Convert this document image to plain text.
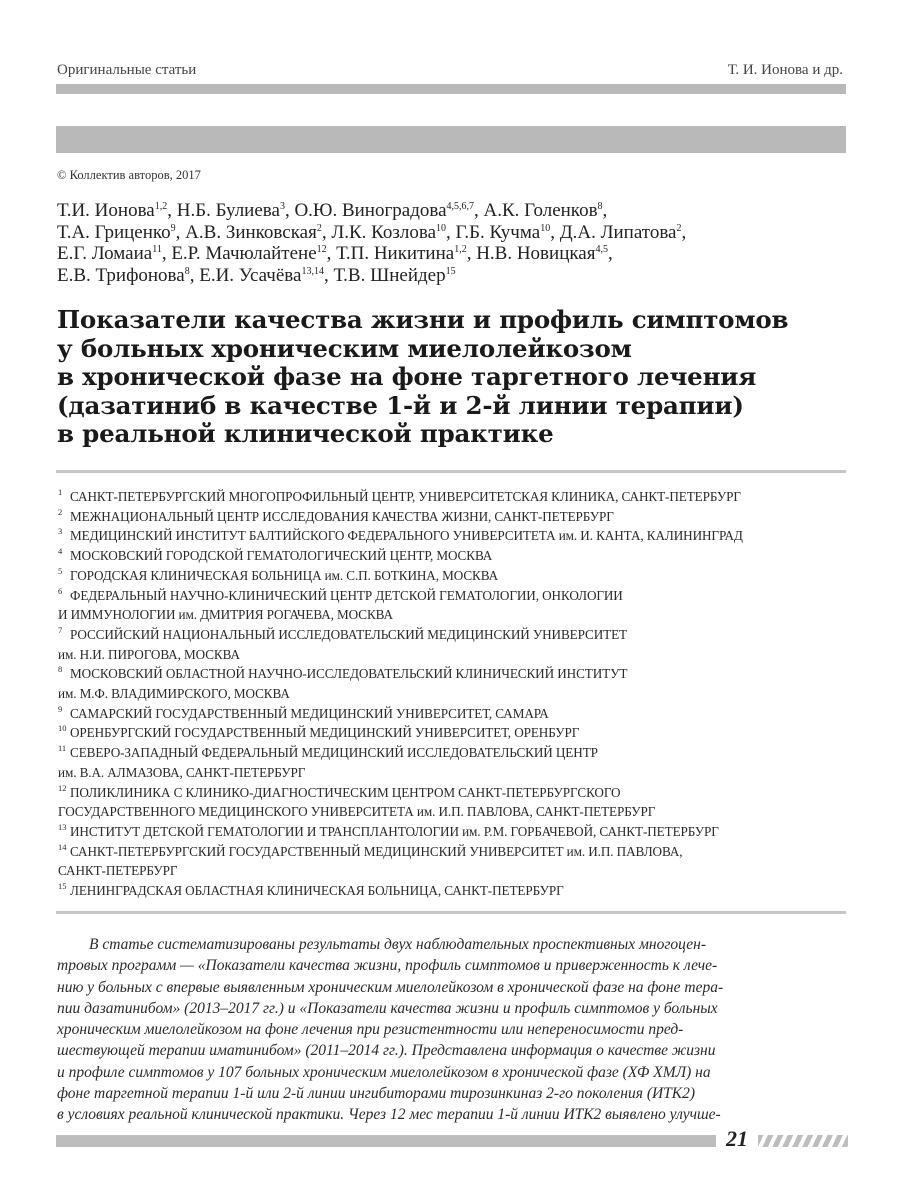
Оригинальные статьи	Т. И. Ионова и др.
© Коллектив авторов, 2017
Т.И. Ионова$^{1,2}$, Н.Б. Булиева$^3$, О.Ю. Виноградова$^{4,5,6,7}$, А.К. Голенков$^8$,
Т.А. Гриценко$^9$, А.В. Зинковская$^2$, Л.К. Козлова$^{10}$, Г.Б. Кучма$^{10}$, Д.А. Липатова$^2$,
Е.Г. Ломаиа$^{11}$, Е.Р. Мачюлайтене$^{12}$, Т.П. Никитина$^{1,2}$, Н.В. Новицкая$^{4,5}$,
Е.В. Трифонова$^8$, Е.И. Усачёва$^{13,14}$, Т.В. Шнейдер$^{15}$
Показатели качества жизни и профиль симптомов
у больных хроническим миелолейкозом
в хронической фазе на фоне таргетного лечения
(дазатиниб в качестве 1-й и 2-й линии терапии)
в реальной клинической практике
1 САНКТ-ПЕТЕРБУРГСКИЙ МНОГОПРОФИЛЬНЫЙ ЦЕНТР, УНИВЕРСИТЕТСКАЯ КЛИНИКА, САНКТ-ПЕТЕРБУРГ
2 МЕЖНАЦИОНАЛЬНЫЙ ЦЕНТР ИССЛЕДОВАНИЯ КАЧЕСТВА ЖИЗНИ, САНКТ-ПЕТЕРБУРГ
3 МЕДИЦИНСКИЙ ИНСТИТУТ БАЛТИЙСКОГО ФЕДЕРАЛЬНОГО УНИВЕРСИТЕТА им. И. КАНТА, КАЛИНИНГРАД
4 МОСКОВСКИЙ ГОРОДСКОЙ ГЕМАТОЛОГИЧЕСКИЙ ЦЕНТР, МОСКВА
5 ГОРОДСКАЯ КЛИНИЧЕСКАЯ БОЛЬНИЦА им. С.П. БОТКИНА, МОСКВА
6 ФЕДЕРАЛЬНЫЙ НАУЧНО-КЛИНИЧЕСКИЙ ЦЕНТР ДЕТСКОЙ ГЕМАТОЛОГИИ, ОНКОЛОГИИ
И ИММУНОЛОГИИ им. ДМИТРИЯ РОГАЧЕВА, МОСКВА
7 РОССИЙСКИЙ НАЦИОНАЛЬНЫЙ ИССЛЕДОВАТЕЛЬСКИЙ МЕДИЦИНСКИЙ УНИВЕРСИТЕТ
им. Н.И. ПИРОГОВА, МОСКВА
8 МОСКОВСКИЙ ОБЛАСТНОЙ НАУЧНО-ИССЛЕДОВАТЕЛЬСКИЙ КЛИНИЧЕСКИЙ ИНСТИТУТ
им. М.Ф. ВЛАДИМИРСКОГО, МОСКВА
9 САМАРСКИЙ ГОСУДАРСТВЕННЫЙ МЕДИЦИНСКИЙ УНИВЕРСИТЕТ, САМАРА
10 ОРЕНБУРГСКИЙ ГОСУДАРСТВЕННЫЙ МЕДИЦИНСКИЙ УНИВЕРСИТЕТ, ОРЕНБУРГ
11 СЕВЕРО-ЗАПАДНЫЙ ФЕДЕРАЛЬНЫЙ МЕДИЦИНСКИЙ ИССЛЕДОВАТЕЛЬСКИЙ ЦЕНТР
им. В.А. АЛМАЗОВА, САНКТ-ПЕТЕРБУРГ
12 ПОЛИКЛИНИКА С КЛИНИКО-ДИАГНОСТИЧЕСКИМ ЦЕНТРОМ САНКТ-ПЕТЕРБУРГСКОГО
ГОСУДАРСТВЕННОГО МЕДИЦИНСКОГО УНИВЕРСИТЕТА им. И.П. ПАВЛОВА, САНКТ-ПЕТЕРБУРГ
13 ИНСТИТУТ ДЕТСКОЙ ГЕМАТОЛОГИИ И ТРАНСПЛАНТОЛОГИИ им. Р.М. ГОРБАЧЕВОЙ, САНКТ-ПЕТЕРБУРГ
14 САНКТ-ПЕТЕРБУРГСКИЙ ГОСУДАРСТВЕННЫЙ МЕДИЦИНСКИЙ УНИВЕРСИТЕТ им. И.П. ПАВЛОВА,
САНКТ-ПЕТЕРБУРГ
15 ЛЕНИНГРАДСКАЯ ОБЛАСТНАЯ КЛИНИЧЕСКАЯ БОЛЬНИЦА, САНКТ-ПЕТЕРБУРГ
В статье систематизированы результаты двух наблюдательных проспективных многоцен-
тровых программ — «Показатели качества жизни, профиль симптомов и приверженность к лече-
нию у больных с впервые выявленным хроническим миелолейкозом в хронической фазе на фоне тера-
пии дазатинибом» (2013–2017 гг.) и «Показатели качества жизни и профиль симптомов у больных
хроническим миелолейкозом на фоне лечения при резистентности или непереносимости пред-
шествующей терапии иматинибом» (2011–2014 гг.). Представлена информация о качестве жизни
и профиле симптомов у 107 больных хроническим миелолейкозом в хронической фазе (ХФ ХМЛ) на
фоне таргетной терапии 1-й или 2-й линии ингибиторами тирозинкиназ 2-го поколения (ИТК2)
в условиях реальной клинической практики. Через 12 мес терапии 1-й линии ИТК2 выявлено улучше-
21
